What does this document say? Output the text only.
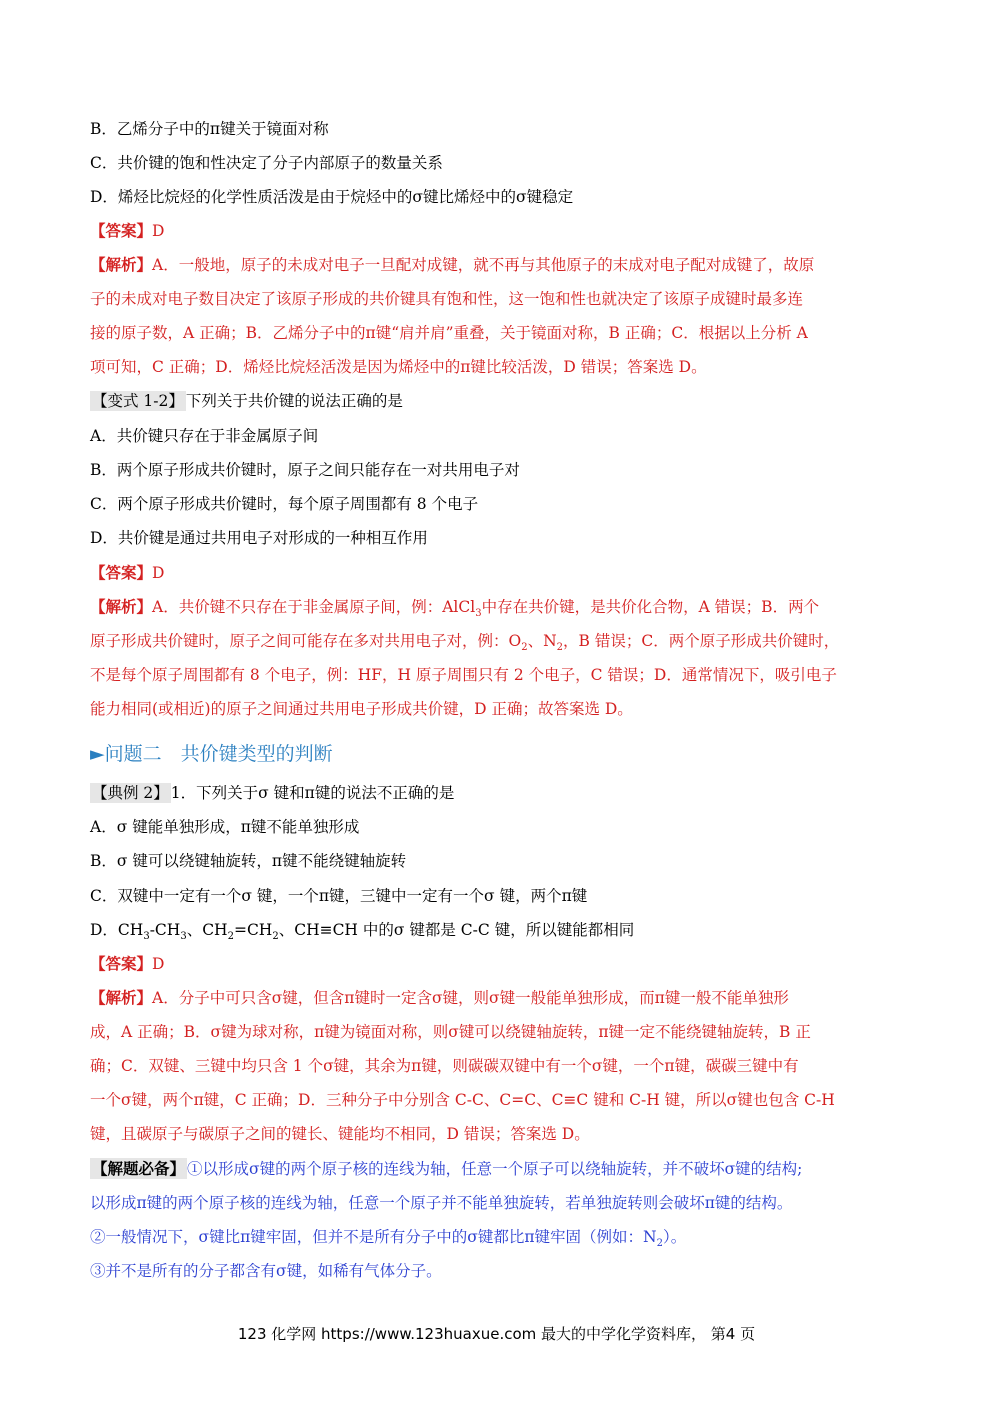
B．乙烯分子中的π键关于镜面对称
C．共价键的饱和性决定了分子内部原子的数量关系
D．烯烃比烷烃的化学性质活泼是由于烷烃中的σ键比烯烃中的σ键稳定
【答案】D
【解析】A．一般地，原子的未成对电子一旦配对成键，就不再与其他原子的末成对电子配对成键了，故原
子的未成对电子数目决定了该原子形成的共价键具有饱和性，这一饱和性也就决定了该原子成键时最多连
接的原子数，A 正确；B．乙烯分子中的π键“肩并肩”重叠，关于镜面对称，B 正确；C．根据以上分析 A
项可知，C 正确；D．烯烃比烷烃活泼是因为烯烃中的π键比较活泼，D 错误；答案选 D。
【变式 1-2】 下列关于共价键的说法正确的是
A．共价键只存在于非金属原子间
B．两个原子形成共价键时，原子之间只能存在一对共用电子对
C．两个原子形成共价键时，每个原子周围都有 8 个电子
D．共价键是通过共用电子对形成的一种相互作用
【答案】D
【解析】A．共价键不只存在于非金属原子间，例：AlCl$_3$中存在共价键，是共价化合物，A 错误；B．两个
原子形成共价键时，原子之间可能存在多对共用电子对，例：$O_2$、$N_2$，B 错误；C．两个原子形成共价键时，
不是每个原子周围都有 8 个电子，例：HF，H 原子周围只有 2 个电子，C 错误；D．通常情况下，吸引电子
能力相同(或相近)的原子之间通过共用电子形成共价键，D 正确；故答案选 D。
►问题二　共价键类型的判断
【典例 2】 1．下列关于σ 键和π键的说法不正确的是
A．σ 键能单独形成，π键不能单独形成
B．σ 键可以绕键轴旋转，π键不能绕键轴旋转
C．双键中一定有一个σ 键，一个π键，三键中一定有一个σ 键，两个π键
D．$CH_3-CH_3$、$CH_2=CH_2$、CH≡CH 中的σ 键都是 C-C 键，所以键能都相同
【答案】D
【解析】A．分子中可只含σ键，但含π键时一定含σ键，则σ键一般能单独形成，而π键一般不能单独形
成，A 正确；B．σ键为球对称，π键为镜面对称，则σ键可以绕键轴旋转，π键一定不能绕键轴旋转，B 正
确；C．双键、三键中均只含 1 个σ键，其余为π键，则碳碳双键中有一个σ键，一个π键，碳碳三键中有
一个σ键，两个π键，C 正确；D．三种分子中分别含 C-C、C=C、C≡C 键和 C-H 键，所以σ键也包含 C-H
键，且碳原子与碳原子之间的键长、键能均不相同，D 错误；答案选 D。
【解题必备】 ①以形成σ键的两个原子核的连线为轴，任意一个原子可以绕轴旋转，并不破坏σ键的结构;
以形成π键的两个原子核的连线为轴，任意一个原子并不能单独旋转，若单独旋转则会破坏π键的结构。
②一般情况下，σ键比π键牢固，但并不是所有分子中的σ键都比π键牢固（例如：$N_2$）。
③并不是所有的分子都含有σ键，如稀有气体分子。
123 化学网 https://www.123huaxue.com 最大的中学化学资料库， 第4 页
